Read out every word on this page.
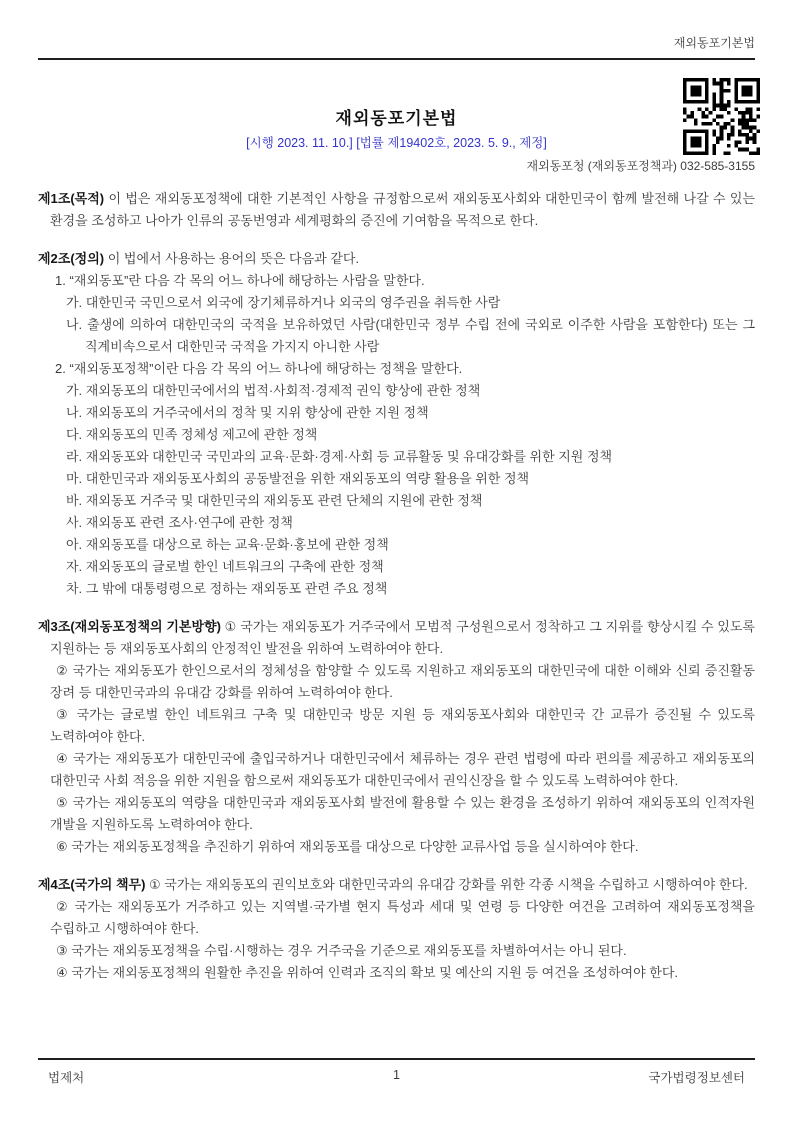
재외동포기본법
재외동포기본법
[시행 2023. 11. 10.] [법률 제19402호, 2023. 5. 9., 제정]
재외동포청 (재외동포정책과) 032-585-3155

제1조(목적) 이 법은 재외동포정책에 대한 기본적인 사항을 규정함으로써 재외동포사회와 대한민국이 함께 발전해 나갈 수 있는 환경을 조성하고 나아가 인류의 공동번영과 세계평화의 증진에 기여함을 목적으로 한다.

제2조(정의) 이 법에서 사용하는 용어의 뜻은 다음과 같다.

1. “재외동포”란 다음 각 목의 어느 하나에 해당하는 사람을 말한다.

가. 대한민국 국민으로서 외국에 장기체류하거나 외국의 영주권을 취득한 사람

나. 출생에 의하여 대한민국의 국적을 보유하였던 사람(대한민국 정부 수립 전에 국외로 이주한 사람을 포함한다) 또는 그 직계비속으로서 대한민국 국적을 가지지 아니한 사람

2. “재외동포정책”이란 다음 각 목의 어느 하나에 해당하는 정책을 말한다.

가. 재외동포의 대한민국에서의 법적·사회적·경제적 권익 향상에 관한 정책

나. 재외동포의 거주국에서의 정착 및 지위 향상에 관한 지원 정책

다. 재외동포의 민족 정체성 제고에 관한 정책

라. 재외동포와 대한민국 국민과의 교육·문화·경제·사회 등 교류활동 및 유대강화를 위한 지원 정책

마. 대한민국과 재외동포사회의 공동발전을 위한 재외동포의 역량 활용을 위한 정책

바. 재외동포 거주국 및 대한민국의 재외동포 관련 단체의 지원에 관한 정책

사. 재외동포 관련 조사·연구에 관한 정책

아. 재외동포를 대상으로 하는 교육·문화·홍보에 관한 정책

자. 재외동포의 글로벌 한인 네트워크의 구축에 관한 정책

차. 그 밖에 대통령령으로 정하는 재외동포 관련 주요 정책

제3조(재외동포정책의 기본방향) ① 국가는 재외동포가 거주국에서 모범적 구성원으로서 정착하고 그 지위를 향상시킬 수 있도록 지원하는 등 재외동포사회의 안정적인 발전을 위하여 노력하여야 한다.

② 국가는 재외동포가 한인으로서의 정체성을 함양할 수 있도록 지원하고 재외동포의 대한민국에 대한 이해와 신뢰 증진활동 장려 등 대한민국과의 유대감 강화를 위하여 노력하여야 한다.

③ 국가는 글로벌 한인 네트워크 구축 및 대한민국 방문 지원 등 재외동포사회와 대한민국 간 교류가 증진될 수 있도록 노력하여야 한다.

④ 국가는 재외동포가 대한민국에 출입국하거나 대한민국에서 체류하는 경우 관련 법령에 따라 편의를 제공하고 재외동포의 대한민국 사회 적응을 위한 지원을 함으로써 재외동포가 대한민국에서 권익신장을 할 수 있도록 노력하여야 한다.

⑤ 국가는 재외동포의 역량을 대한민국과 재외동포사회 발전에 활용할 수 있는 환경을 조성하기 위하여 재외동포의 인적자원 개발을 지원하도록 노력하여야 한다.

⑥ 국가는 재외동포정책을 추진하기 위하여 재외동포를 대상으로 다양한 교류사업 등을 실시하여야 한다.

제4조(국가의 책무) ① 국가는 재외동포의 권익보호와 대한민국과의 유대감 강화를 위한 각종 시책을 수립하고 시행하여야 한다.

② 국가는 재외동포가 거주하고 있는 지역별·국가별 현지 특성과 세대 및 연령 등 다양한 여건을 고려하여 재외동포정책을 수립하고 시행하여야 한다.

③ 국가는 재외동포정책을 수립·시행하는 경우 거주국을 기준으로 재외동포를 차별하여서는 아니 된다.

④ 국가는 재외동포정책의 원활한 추진을 위하여 인력과 조직의 확보 및 예산의 지원 등 여건을 조성하여야 한다.

법제처	1	국가법령정보센터
